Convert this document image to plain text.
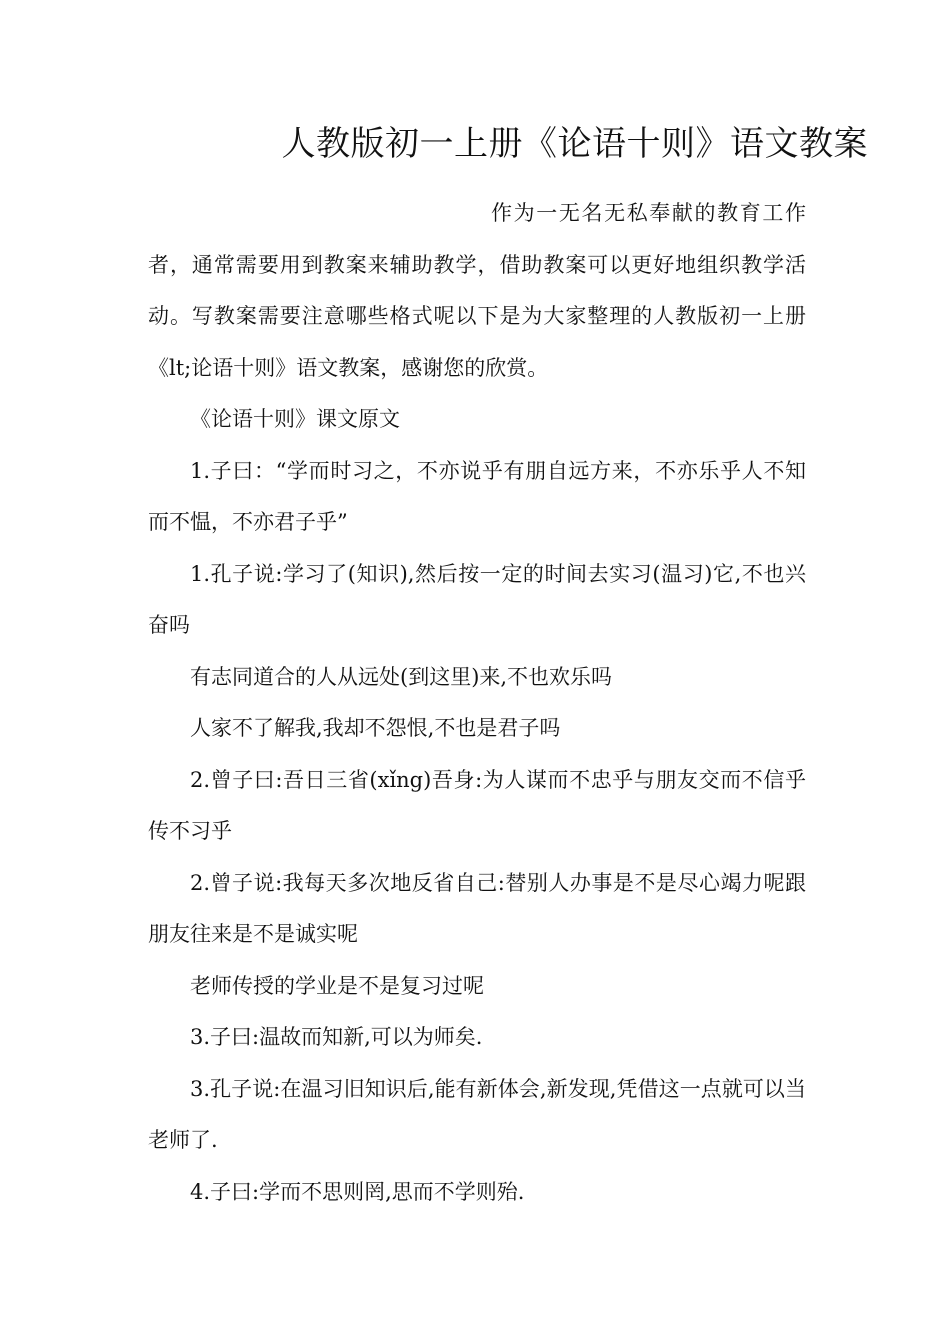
人教版初一上册《论语十则》语文教案

作为一无名无私奉献的教育工作者，通常需要用到教案来辅助教学，借助教案可以更好地组织教学活动。写教案需要注意哪些格式呢以下是为大家整理的人教版初一上册《lt;论语十则》语文教案，感谢您的欣赏。

《论语十则》课文原文

1.子曰：“学而时习之，不亦说乎有朋自远方来，不亦乐乎人不知而不愠，不亦君子乎”

1.孔子说:学习了(知识),然后按一定的时间去实习(温习)它,不也兴奋吗

有志同道合的人从远处(到这里)来,不也欢乐吗

人家不了解我,我却不怨恨,不也是君子吗

2.曾子曰:吾日三省(xǐng)吾身:为人谋而不忠乎与朋友交而不信乎传不习乎

2.曾子说:我每天多次地反省自己:替别人办事是不是尽心竭力呢跟朋友往来是不是诚实呢

老师传授的学业是不是复习过呢

3.子曰:温故而知新,可以为师矣.

3.孔子说:在温习旧知识后,能有新体会,新发现,凭借这一点就可以当老师了.

4.子曰:学而不思则罔,思而不学则殆.
